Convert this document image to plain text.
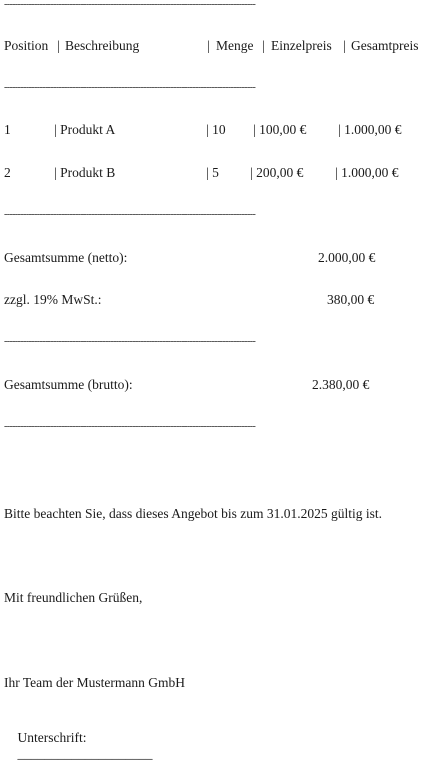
--------------------------------------------------------------------------------------------
Position | Beschreibung	| Menge | Einzelpreis | Gesamtpreis
--------------------------------------------------------------------------------------------
1	| Produkt A	| 10 | 100,00 € | 1.000,00 €
2	| Produkt B	| 5 | 200,00 € | 1.000,00 €
--------------------------------------------------------------------------------------------
Gesamtsumme (netto):	2.000,00 €
zzgl. 19% MwSt.:	380,00 €
--------------------------------------------------------------------------------------------
Gesamtsumme (brutto):	2.380,00 €
--------------------------------------------------------------------------------------------
Bitte beachten Sie, dass dieses Angebot bis zum 31.01.2025 gültig ist.
Mit freundlichen Grüßen,
Ihr Team der Mustermann GmbH

Unterschrift:
____________________
